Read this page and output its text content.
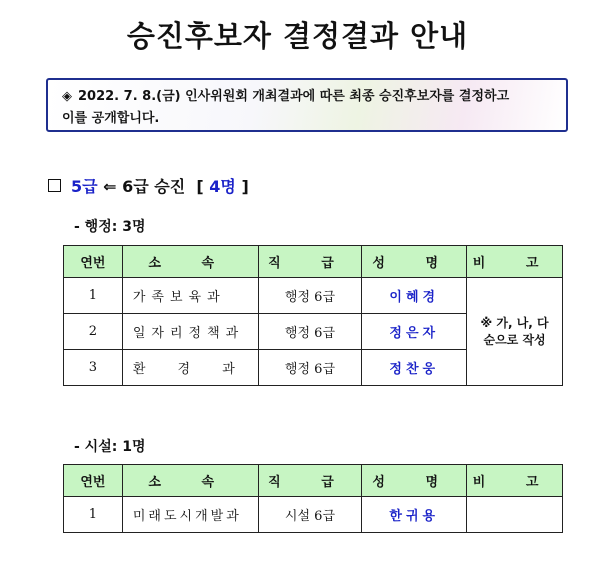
승진후보자 결정결과 안내
◈ 2022. 7. 8.(금) 인사위원회 개최결과에 따른 최종 승진후보자를 결정하고
이를 공개합니다.
5급 ⇐ 6급 승진 [ 4명 ]
- 행정: 3명
연번	소 속	직 급	성 명	비 고
1	가족보육과	행정 6급	이혜경	※ 가, 나, 다
순으로 작성
2	일자리정책과	행정 6급	정은자	
3	환 경 과	행정 6급	정찬웅	
- 시설: 1명
연번	소 속	직 급	성 명	비 고
1	미래도시개발과	시설 6급	한귀용	
